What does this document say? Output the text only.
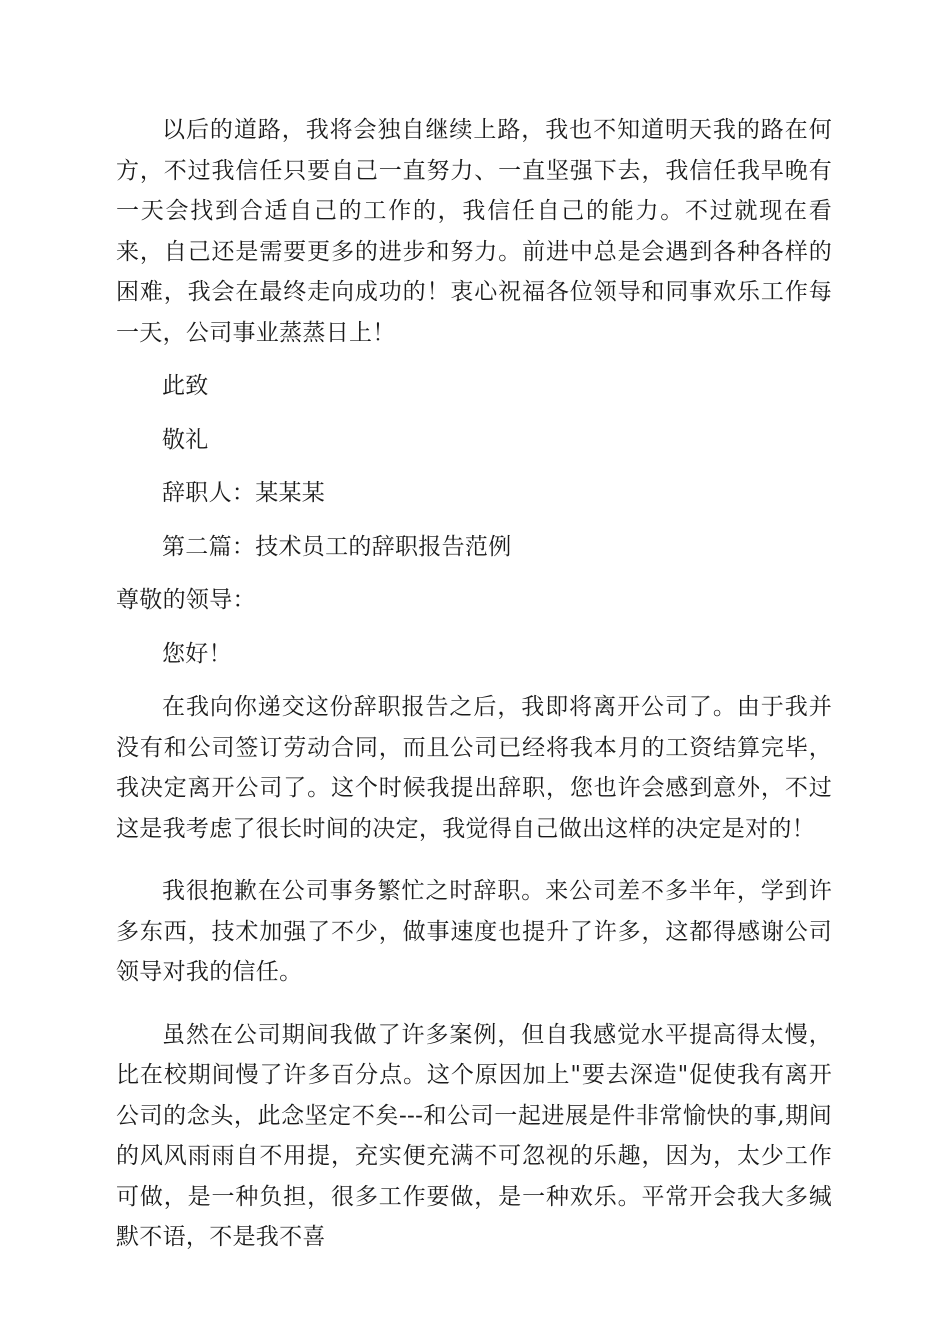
以后的道路，我将会独自继续上路，我也不知道明天我的路在何方，不过我信任只要自己一直努力、一直坚强下去，我信任我早晚有一天会找到合适自己的工作的，我信任自己的能力。不过就现在看来，自己还是需要更多的进步和努力。前进中总是会遇到各种各样的困难，我会在最终走向成功的！衷心祝福各位领导和同事欢乐工作每一天，公司事业蒸蒸日上！

此致

敬礼

辞职人：某某某

第二篇：技术员工的辞职报告范例

尊敬的领导：

您好！

在我向你递交这份辞职报告之后，我即将离开公司了。由于我并没有和公司签订劳动合同，而且公司已经将我本月的工资结算完毕，我决定离开公司了。这个时候我提出辞职，您也许会感到意外，不过这是我考虑了很长时间的决定，我觉得自己做出这样的决定是对的！

我很抱歉在公司事务繁忙之时辞职。来公司差不多半年，学到许多东西，技术加强了不少，做事速度也提升了许多，这都得感谢公司领导对我的信任。

虽然在公司期间我做了许多案例，但自我感觉水平提高得太慢，比在校期间慢了许多百分点。这个原因加上"要去深造"促使我有离开公司的念头，此念坚定不矣---和公司一起进展是件非常愉快的事,期间的风风雨雨自不用提，充实便充满不可忽视的乐趣，因为，太少工作可做，是一种负担，很多工作要做，是一种欢乐。平常开会我大多缄默不语，不是我不喜
